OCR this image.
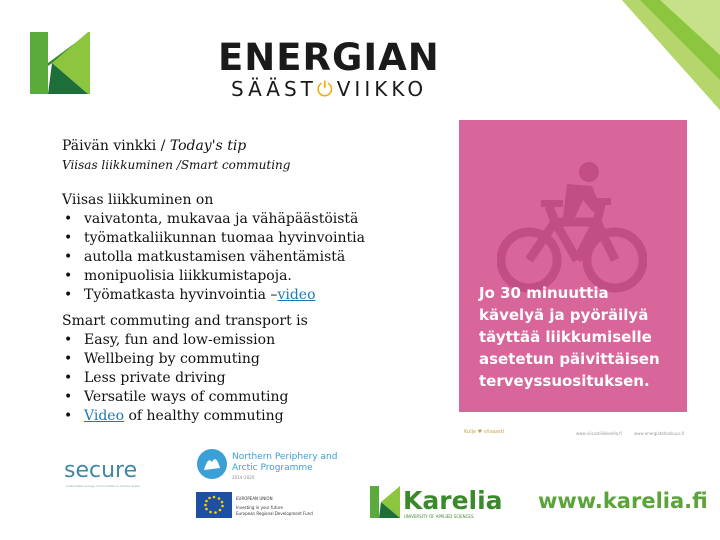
ENERGIAN
SÄÄST⏻VIIKKO
Päivän vinkki / Today's tip
Viisas liikkuminen /Smart commuting
Viisas liikkuminen on
• vaivatonta, mukavaa ja vähäpäästöistä
• työmatkaliikunnan tuomaa hyvinvointia
• autolla matkustamisen vähentämistä
• monipuolisia liikkumistapoja.
• Työmatkasta hyvinvointia –video
Smart commuting and transport is
• Easy, fun and low-emission
• Wellbeing by commuting
• Less private driving
• Versatile ways of commuting
• Video of healthy commuting
Jo 30 minuuttia
kävelyä ja pyöräilyä
täyttää liikkumiselle
asetetun päivittäisen
terveyssuosituksen.
Kulje ♥ viisaasti	www.viisastiliikkeella.fi	www.energiatehokkuus.fi
secure
sustainable energy communities in remote areas
Northern Periphery and
Arctic Programme
2014–2020
EUROPEAN UNION
Investing in your future
European Regional Development Fund	Karelia
UNIVERSITY OF APPLIED SCIENCES
www.karelia.fi
